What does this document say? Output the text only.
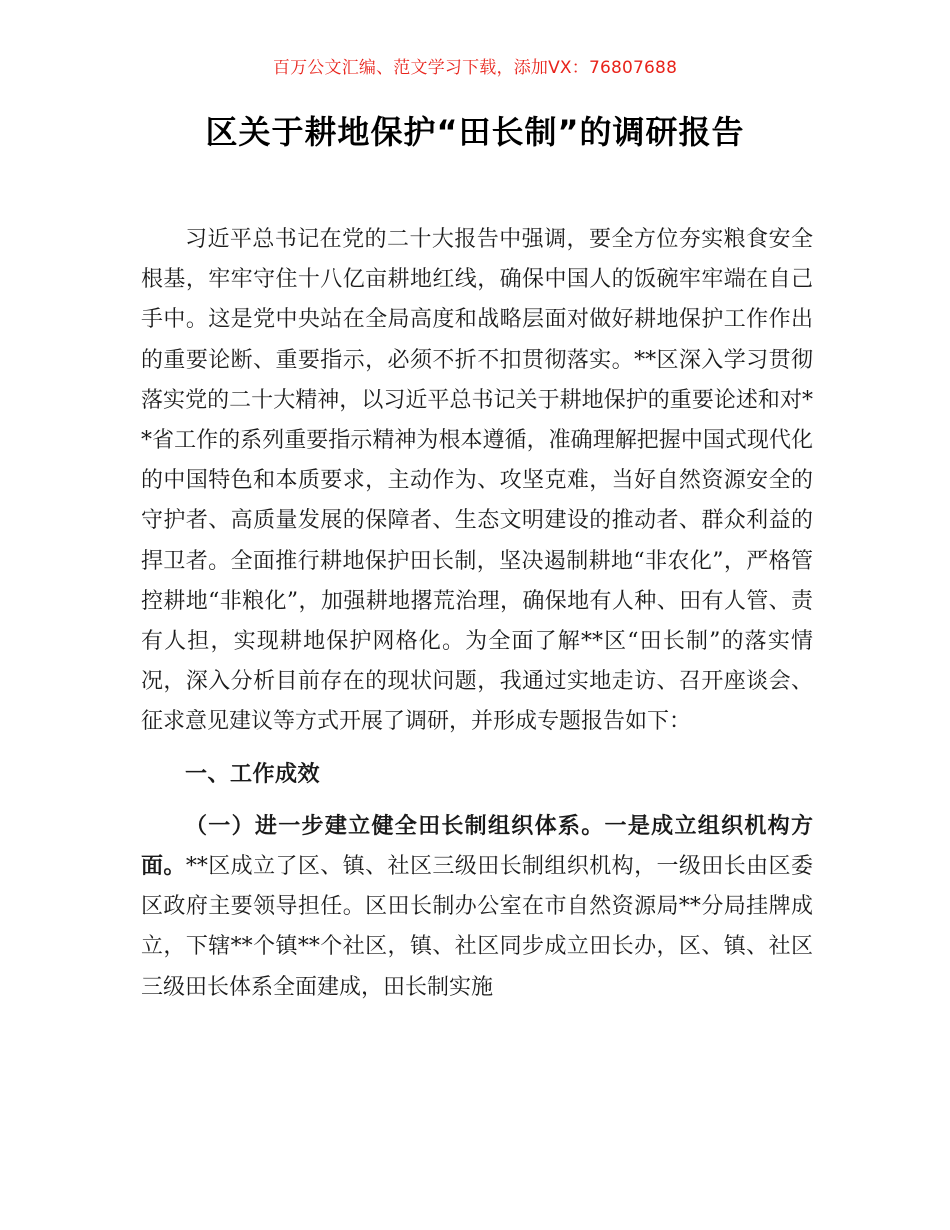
百万公文汇编、范文学习下载，添加VX：76807688
区关于耕地保护“田长制”的调研报告

习近平总书记在党的二十大报告中强调，要全方位夯实粮食安全根基，牢牢守住十八亿亩耕地红线，确保中国人的饭碗牢牢端在自己手中。这是党中央站在全局高度和战略层面对做好耕地保护工作作出的重要论断、重要指示，必须不折不扣贯彻落实。**区深入学习贯彻落实党的二十大精神，以习近平总书记关于耕地保护的重要论述和对**省工作的系列重要指示精神为根本遵循，准确理解把握中国式现代化的中国特色和本质要求，主动作为、攻坚克难，当好自然资源安全的守护者、高质量发展的保障者、生态文明建设的推动者、群众利益的捍卫者。全面推行耕地保护田长制，坚决遏制耕地“非农化”，严格管控耕地“非粮化”，加强耕地撂荒治理，确保地有人种、田有人管、责有人担，实现耕地保护网格化。为全面了解**区“田长制”的落实情况，深入分析目前存在的现状问题，我通过实地走访、召开座谈会、征求意见建议等方式开展了调研，并形成专题报告如下：

一、工作成效

（一）进一步建立健全田长制组织体系。一是成立组织机构方面。**区成立了区、镇、社区三级田长制组织机构，一级田长由区委区政府主要领导担任。区田长制办公室在市自然资源局**分局挂牌成立，下辖**个镇**个社区，镇、社区同步成立田长办，区、镇、社区三级田长体系全面建成，田长制实施
